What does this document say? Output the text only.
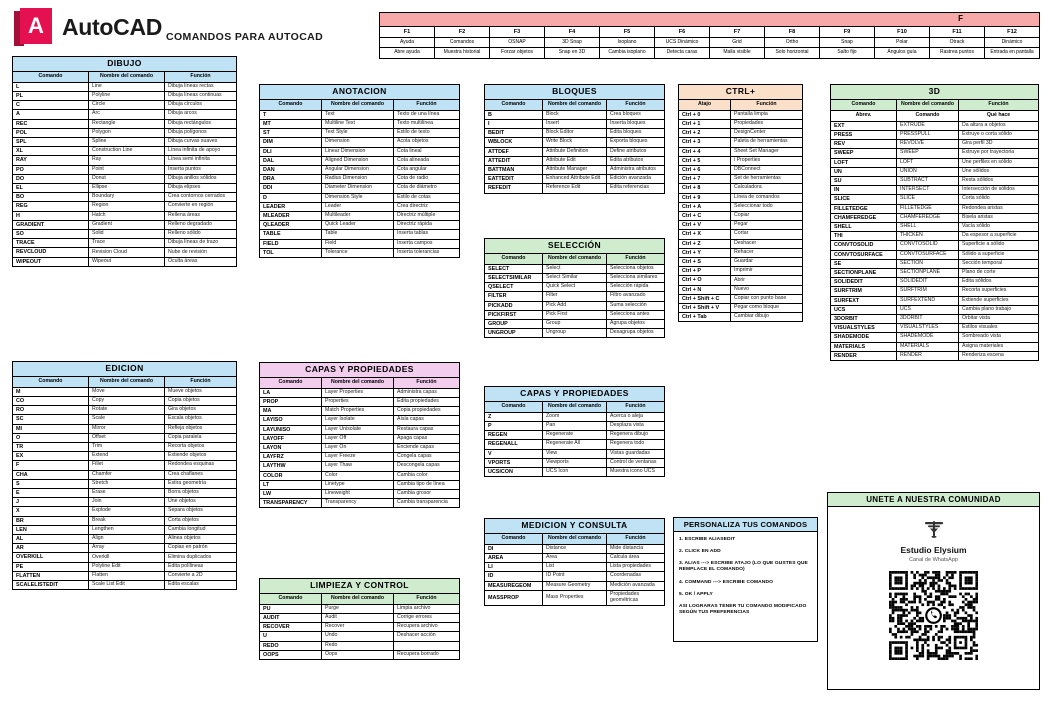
A AutoCAD COMANDOS PARA AUTOCAD
F											
F1	F2	F3	F4	F5	F6	F7	F8	F9	F10	F11	F12
Ayuda	Comandos	OSNAP	3D Snap	Isoplano	UCS Dinámico	Grid	Ortho	Snap	Polar	Otrack	Dinámico
Abre ayuda	Muestra historial	Forzar objetos	Snap en 3D	Cambia isoplano	Detecta caras	Malla visible	Solo horizontal	Salto fijo	Ángulos guía	Rastrea puntos	Entrada en pantalla
DIBUJO		
Comando	Nombre del comando	Función
L	Line	Dibuja líneas rectas
PL	Polyline	Dibuja líneas continuas
C	Circle	Dibuja círculos
A	Arc	Dibuja arcos
REC	Rectangle	Dibuja rectángulos
POL	Polygon	Dibuja polígonos
SPL	Spline	Dibuja curvas suaves
XL	Construction Line	Línea infinita de apoyo
RAY	Ray	Línea semi infinita
PO	Point	Inserta puntos
DO	Donut	Dibuja anillos sólidos
EL	Ellipse	Dibuja elipses
BO	Boundary	Crea contornos cerrados
REG	Region	Convierte en región
H	Hatch	Rellena áreas
GRADIENT	Gradient	Relleno degradado
SO	Solid	Relleno sólido
TRACE	Trace	Dibuja líneas de trazo
REVCLOUD	Revision Cloud	Nube de revisión
WIPEOUT	Wipeout	Oculta áreas
EDICION		
Comando	Nombre del comando	Función
M	Move	Mueve objetos
CO	Copy	Copia objetos
RO	Rotate	Gira objetos
SC	Scale	Escala objetos
MI	Mirror	Refleja objetos
O	Offset	Copia paralela
TR	Trim	Recorta objetos
EX	Extend	Extiende objetos
F	Fillet	Redondea esquinas
CHA	Chamfer	Crea chaflanes
S	Stretch	Estira geometría
E	Erase	Borra objetos
J	Join	Une objetos
X	Explode	Separa objetos
BR	Break	Corta objetos
LEN	Lengthen	Cambia longitud
AL	Align	Alinea objetos
AR	Array	Copias en patrón
OVERKILL	Overkill	Elimina duplicados
PE	Polyline Edit	Edita polílineas
FLATTEN	Flatten	Convierte a 2D
SCALELISTEDIT	Scale List Edit	Edita escalas
ANOTACION		
Comando	Nombre del comando	Función
T	Text	Texto de una línea
MT	Multiline Text	Texto multilínea
ST	Text Style	Estilo de texto
DIM	Dimension	Acota objetos
DLI	Linear Dimension	Cota lineal
DAL	Aligned Dimension	Cota alineada
DAN	Angular Dimension	Cota angular
DRA	Radius Dimension	Cota de radio
DDI	Diameter Dimension	Cota de diámetro
D	Dimension Style	Estilo de cotas
LEADER	Leader	Crea directriz
MLEADER	Multileader	Directriz múltiple
QLEADER	Quick Leader	Directriz rápida
TABLE	Table	Inserta tablas
FIELD	Field	Inserta campos
TOL	Tolerance	Inserta tolerancias
CAPAS Y PROPIEDADES		
Comando	Nombre del comando	Función
LA	Layer Properties	Administra capas
PROP	Properties	Edita propiedades
MA	Match Properties	Copia propiedades
LAYISO	Layer Isolate	Aísla capas
LAYUNISO	Layer Unisolate	Restaura capas
LAYOFF	Layer Off	Apaga capas
LAYON	Layer On	Enciende capas
LAYFRZ	Layer Freeze	Congela capas
LAYTHW	Layer Thaw	Descongela capas
COLOR	Color	Cambia color
LT	Linetype	Cambia tipo de línea
LW	Lineweight	Cambia grosor
TRANSPARENCY	Transparency	Cambia transparencia
LIMPIEZA Y CONTROL		
Comando	Nombre del comando	Función
PU	Purge	Limpia archivo
AUDIT	Audit	Corrige errores
RECOVER	Recover	Recupera archivo
U	Undo	Deshacer acción
REDO	Redo	
OOPS	Oops	Recupera borrado
BLOQUES		
Comando	Nombre del comando	Función
B	Block	Crea bloques
I	Insert	Inserta bloques
BEDIT	Block Editor	Edita bloques
WBLOCK	Write Block	Exporta bloques
ATTDEF	Attribute Definition	Define atributos
ATTEDIT	Attribute Edit	Edita atributos
BATTMAN	Attribute Manager	Administra atributos
EATTEDIT	Enhanced Attribute Edit	Edición avanzada
REFEDIT	Reference Edit	Edita referencias
SELECCIÓN		
Comando	Nombre del comando	Función
SELECT	Select	Selecciona objetos
SELECTSIMILAR	Select Similar	Selecciona similares
QSELECT	Quick Select	Selección rápida
FILTER	Filter	Filtro avanzado
PICKADD	Pick Add	Suma selección
PICKFIRST	Pick First	Selecciona antes
GROUP	Group	Agrupa objetos
UNGROUP	Ungroup	Desagrupa objetos
CAPAS Y PROPIEDADES		
Comando	Nombre del comando	Función
Z	Zoom	Acerca o aleja
P	Pan	Desplaza vista
REGEN	Regenerate	Regenera dibujo
REGENALL	Regenerate All	Regenera todo
V	View	Vistas guardadas
VPORTS	Viewports	Control de ventanas
UCSICON	UCS Icon	Muestra icono UCS
MEDICION Y CONSULTA		
Comando	Nombre del comando	Función
DI	Distance	Mide distancia
AREA	Area	Calcula área
LI	List	Lista propiedades
ID	ID Point	Coordenadas
MEASUREGEOM	Measure Geometry	Medición avanzada
MASSPROP	Mass Properties	Propiedades geométricas
CTRL+	
Atajo	Función
Ctrl + 0	Pantalla limpia
Ctrl + 1	Propiedades
Ctrl + 2	DesignCenter
Ctrl + 3	Paleta de herramientas
Ctrl + 4	Sheet Set Manager
Ctrl + 5	i Properties
Ctrl + 6	DBConnect
Ctrl + 7	Set de herramientas
Ctrl + 8	Calculadora
Ctrl + 9	Línea de comandos
Ctrl + A	Seleccionar todo
Ctrl + C	Copiar
Ctrl + V	Pegar
Ctrl + X	Cortar
Ctrl + Z	Deshacer
Ctrl + Y	Rehacer
Ctrl + S	Guardar
Ctrl + P	Imprimir
Ctrl + O	Abrir
Ctrl + N	Nuevo
Ctrl + Shift + C	Copiar con punto base
Ctrl + Shift + V	Pegar como bloque
Ctrl + Tab	Cambiar dibujo
PERSONALIZA TUS COMANDOS
1. ESCRIBE ALIASEDIT
2. CLICK EN ADD
3. ALIAS ---> ESCRIBE ATAJO (LO QUE GUSTES QUE REMPLACE EL COMANDO)
4. COMMAND ---> ESCRIBE COMANDO
5. OK / APPLY
ASI LOGRARAS TENER TU COMANDO MODIFICADO SEGÚN TUS PREFERENCIAS
3D		
Comando	Nombre del comando	Función
Abrev.	Comando	Qué hace
EXT	EXTRUDE	Da altura a objetos
PRESS	PRESSPULL	Extruye o corta sólido
REV	REVOLVE	Gira perfil 3D
SWEEP	SWEEP	Extruye por trayectoria
LOFT	LOFT	Une perfiles en sólido
UN	UNION	Une sólidos
SU	SUBTRACT	Resta sólidos
IN	INTERSECT	Intersección de sólidos
SLICE	SLICE	Corta sólido
FILLETEDGE	FILLETEDGE	Redondea aristas
CHAMFEREDGE	CHAMFEREDGE	Bisela aristas
SHELL	SHELL	Vacía sólido
THI	THICKEN	Da espesor a superficie
CONVTOSOLID	CONVTOSOLID	Superficie a sólido
CONVTOSURFACE	CONVTOSURFACE	Sólido a superficie
SE	SECTION	Sección temporal
SECTIONPLANE	SECTIONPLANE	Plano de corte
SOLIDEDIT	SOLIDEDIT	Edita sólidos
SURFTRIM	SURFTRIM	Recorta superficies
SURFEXT	SURFEXTEND	Extiende superficies
UCS	UCS	Cambia plano trabajo
3DORBIT	3DORBIT	Orbitar vista
VISUALSTYLES	VISUALSTYLES	Estilos visuales
SHADEMODE	SHADEMODE	Sombreado vista
MATERIALS	MATERIALS	Asigna materiales
RENDER	RENDER	Renderiza escena
UNETE A NUESTRA COMUNIDAD
Estudio Elysium
Canal de WhatsApp
